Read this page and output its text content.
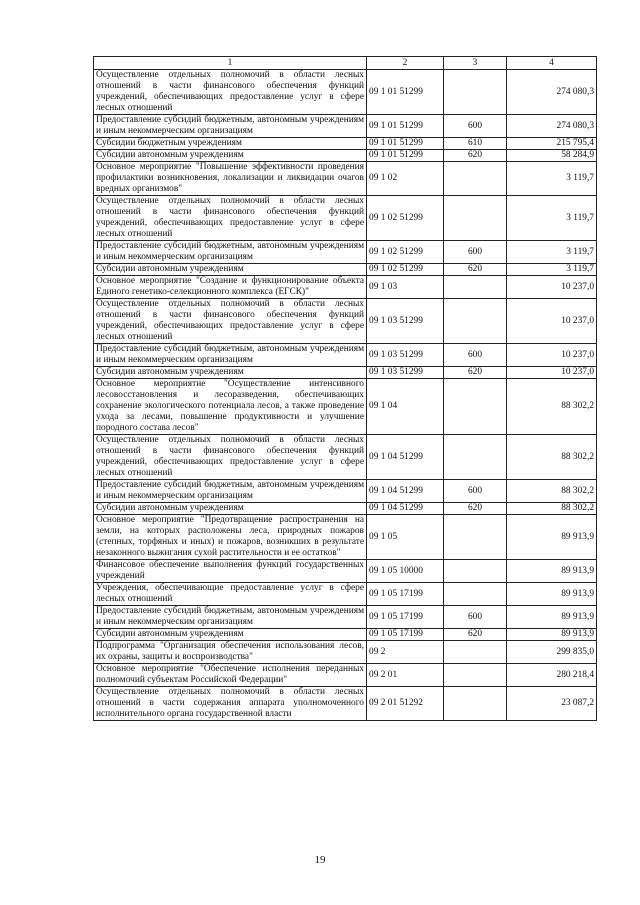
1	2	3	4
Осуществление отдельных полномочий в области лесных отношений в части финансового обеспечения функций учреждений, обеспечивающих предоставление услуг в сфере лесных отношений	09 1 01 51299		274 080,3
Предоставление субсидий бюджетным, автономным учреждениям и иным некоммерческим организациям	09 1 01 51299	600	274 080,3
Субсидии бюджетным учреждениям	09 1 01 51299	610	215 795,4
Субсидии автономным учреждениям	09 1 01 51299	620	58 284,9
Основное мероприятие "Повышение эффективности проведения профилактики возникновения, локализации и ликвидации очагов вредных организмов"	09 1 02		3 119,7
Осуществление отдельных полномочий в области лесных отношений в части финансового обеспечения функций учреждений, обеспечивающих предоставление услуг в сфере лесных отношений	09 1 02 51299		3 119,7
Предоставление субсидий бюджетным, автономным учреждениям и иным некоммерческим организациям	09 1 02 51299	600	3 119,7
Субсидии автономным учреждениям	09 1 02 51299	620	3 119,7
Основное мероприятие "Создание и функционирование объекта Единого генетико-селекционного комплекса (ЕГСК)"	09 1 03		10 237,0
Осуществление отдельных полномочий в области лесных отношений в части финансового обеспечения функций учреждений, обеспечивающих предоставление услуг в сфере лесных отношений	09 1 03 51299		10 237,0
Предоставление субсидий бюджетным, автономным учреждениям и иным некоммерческим организациям	09 1 03 51299	600	10 237,0
Субсидии автономным учреждениям	09 1 03 51299	620	10 237,0
Основное мероприятие "Осуществление интенсивного лесовосстановления и лесоразведения, обеспечивающих сохранение экологического потенциала лесов, а также проведение ухода за лесами, повышение продуктивности и улучшение породного состава лесов"	09 1 04		88 302,2
Осуществление отдельных полномочий в области лесных отношений в части финансового обеспечения функций учреждений, обеспечивающих предоставление услуг в сфере лесных отношений	09 1 04 51299		88 302,2
Предоставление субсидий бюджетным, автономным учреждениям и иным некоммерческим организациям	09 1 04 51299	600	88 302,2
Субсидии автономным учреждениям	09 1 04 51299	620	88 302,2
Основное мероприятие "Предотвращение распространения на земли, на которых расположены леса, природных пожаров (степных, торфяных и иных) и пожаров, возникших в результате незаконного выжигания сухой растительности и ее остатков"	09 1 05		89 913,9
Финансовое обеспечение выполнения функций государственных учреждений	09 1 05 10000		89 913,9
Учреждения, обеспечивающие предоставление услуг в сфере лесных отношений	09 1 05 17199		89 913,9
Предоставление субсидий бюджетным, автономным учреждениям и иным некоммерческим организациям	09 1 05 17199	600	89 913,9
Субсидии автономным учреждениям	09 1 05 17199	620	89 913,9
Подпрограмма "Организация обеспечения использования лесов, их охраны, защиты и воспроизводства"	09 2		299 835,0
Основное мероприятие "Обеспечение исполнения переданных полномочий субъектам Российской Федерации"	09 2 01		280 218,4
Осуществление отдельных полномочий в области лесных отношений в части содержания аппарата уполномоченного исполнительного органа государственной власти	09 2 01 51292		23 087,2
19
